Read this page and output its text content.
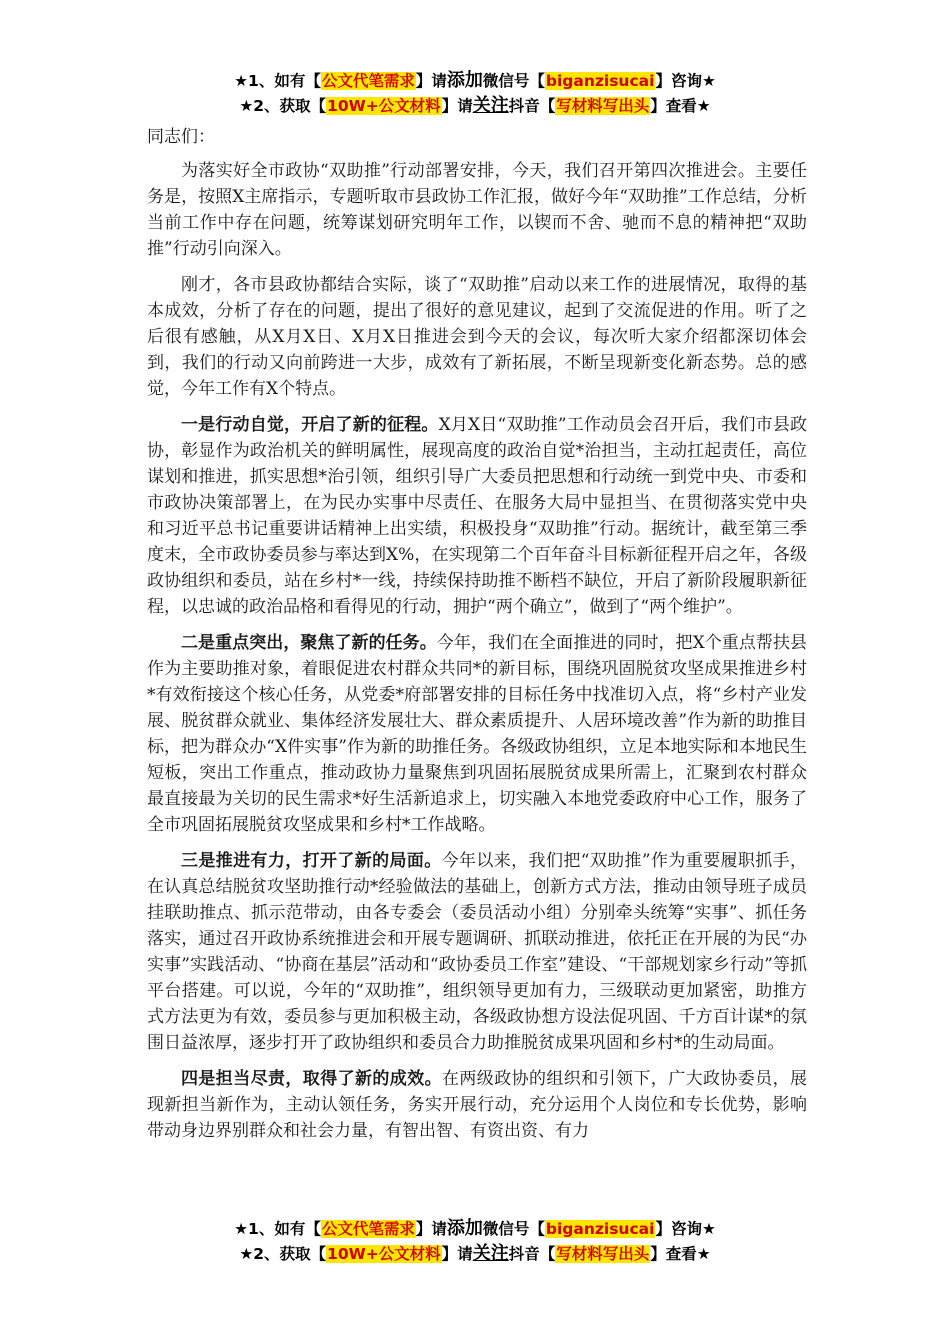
★1、如有【公文代笔需求】请添加微信号【biganzisucai】咨询★
★2、获取【10W+公文材料】请关注抖音【写材料写出头】查看★

同志们：

为落实好全市政协“双助推”行动部署安排，今天，我们召开第四次推进会。主要任务是，按照X主席指示，专题听取市县政协工作汇报，做好今年“双助推”工作总结，分析当前工作中存在问题，统筹谋划研究明年工作，以锲而不舍、驰而不息的精神把“双助推”行动引向深入。

刚才，各市县政协都结合实际，谈了“双助推”启动以来工作的进展情况，取得的基本成效，分析了存在的问题，提出了很好的意见建议，起到了交流促进的作用。听了之后很有感触，从X月X日、X月X日推进会到今天的会议，每次听大家介绍都深切体会到，我们的行动又向前跨进一大步，成效有了新拓展，不断呈现新变化新态势。总的感觉，今年工作有X个特点。

一是行动自觉，开启了新的征程。X月X日“双助推”工作动员会召开后，我们市县政协，彰显作为政治机关的鲜明属性，展现高度的政治自觉*治担当，主动扛起责任，高位谋划和推进，抓实思想*治引领，组织引导广大委员把思想和行动统一到党中央、市委和市政协决策部署上，在为民办实事中尽责任、在服务大局中显担当、在贯彻落实党中央和习近平总书记重要讲话精神上出实绩，积极投身“双助推”行动。据统计，截至第三季度末，全市政协委员参与率达到X%，在实现第二个百年奋斗目标新征程开启之年，各级政协组织和委员，站在乡村*一线，持续保持助推不断档不缺位，开启了新阶段履职新征程，以忠诚的政治品格和看得见的行动，拥护“两个确立”，做到了“两个维护”。

二是重点突出，聚焦了新的任务。今年，我们在全面推进的同时，把X个重点帮扶县作为主要助推对象，着眼促进农村群众共同*的新目标，围绕巩固脱贫攻坚成果推进乡村*有效衔接这个核心任务，从党委*府部署安排的目标任务中找准切入点，将“乡村产业发展、脱贫群众就业、集体经济发展壮大、群众素质提升、人居环境改善”作为新的助推目标，把为群众办“X件实事”作为新的助推任务。各级政协组织，立足本地实际和本地民生短板，突出工作重点，推动政协力量聚焦到巩固拓展脱贫成果所需上，汇聚到农村群众最直接最为关切的民生需求*好生活新追求上，切实融入本地党委政府中心工作，服务了全市巩固拓展脱贫攻坚成果和乡村*工作战略。

三是推进有力，打开了新的局面。今年以来，我们把“双助推”作为重要履职抓手，在认真总结脱贫攻坚助推行动*经验做法的基础上，创新方式方法，推动由领导班子成员挂联助推点、抓示范带动，由各专委会（委员活动小组）分别牵头统筹“实事”、抓任务落实，通过召开政协系统推进会和开展专题调研、抓联动推进，依托正在开展的为民“办实事”实践活动、“协商在基层”活动和“政协委员工作室”建设、“干部规划家乡行动”等抓平台搭建。可以说，今年的“双助推”，组织领导更加有力，三级联动更加紧密，助推方式方法更为有效，委员参与更加积极主动，各级政协想方设法促巩固、千方百计谋*的氛围日益浓厚，逐步打开了政协组织和委员合力助推脱贫成果巩固和乡村*的生动局面。

四是担当尽责，取得了新的成效。在两级政协的组织和引领下，广大政协委员，展现新担当新作为，主动认领任务，务实开展行动，充分运用个人岗位和专长优势，影响带动身边界别群众和社会力量，有智出智、有资出资、有力

★1、如有【公文代笔需求】请添加微信号【biganzisucai】咨询★
★2、获取【10W+公文材料】请关注抖音【写材料写出头】查看★
